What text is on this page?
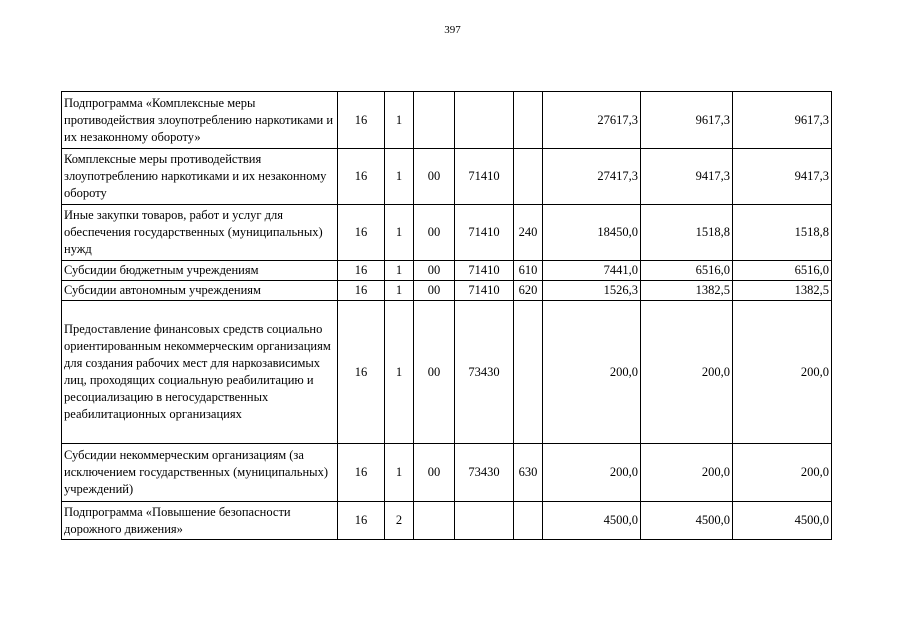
397
Подпрограмма «Комплексные меры противодействия злоупотреблению наркотиками и их незаконному обороту»	16	1				27617,3	9617,3	9617,3
Комплексные меры противодействия злоупотреблению наркотиками и их незаконному обороту	16	1	00	71410		27417,3	9417,3	9417,3
Иные закупки товаров, работ и услуг для обеспечения государственных (муниципальных) нужд	16	1	00	71410	240	18450,0	1518,8	1518,8
Субсидии бюджетным учреждениям	16	1	00	71410	610	7441,0	6516,0	6516,0
Субсидии автономным учреждениям	16	1	00	71410	620	1526,3	1382,5	1382,5
Предоставление финансовых средств социально ориентированным некоммерческим организациям для создания рабочих мест для наркозависимых лиц, проходящих социальную реабилитацию и ресоциализацию в негосударственных реабилитационных организациях	16	1	00	73430		200,0	200,0	200,0
Субсидии некоммерческим организациям (за исключением государственных (муниципальных) учреждений)	16	1	00	73430	630	200,0	200,0	200,0
Подпрограмма «Повышение безопасности дорожного движения»	16	2				4500,0	4500,0	4500,0
